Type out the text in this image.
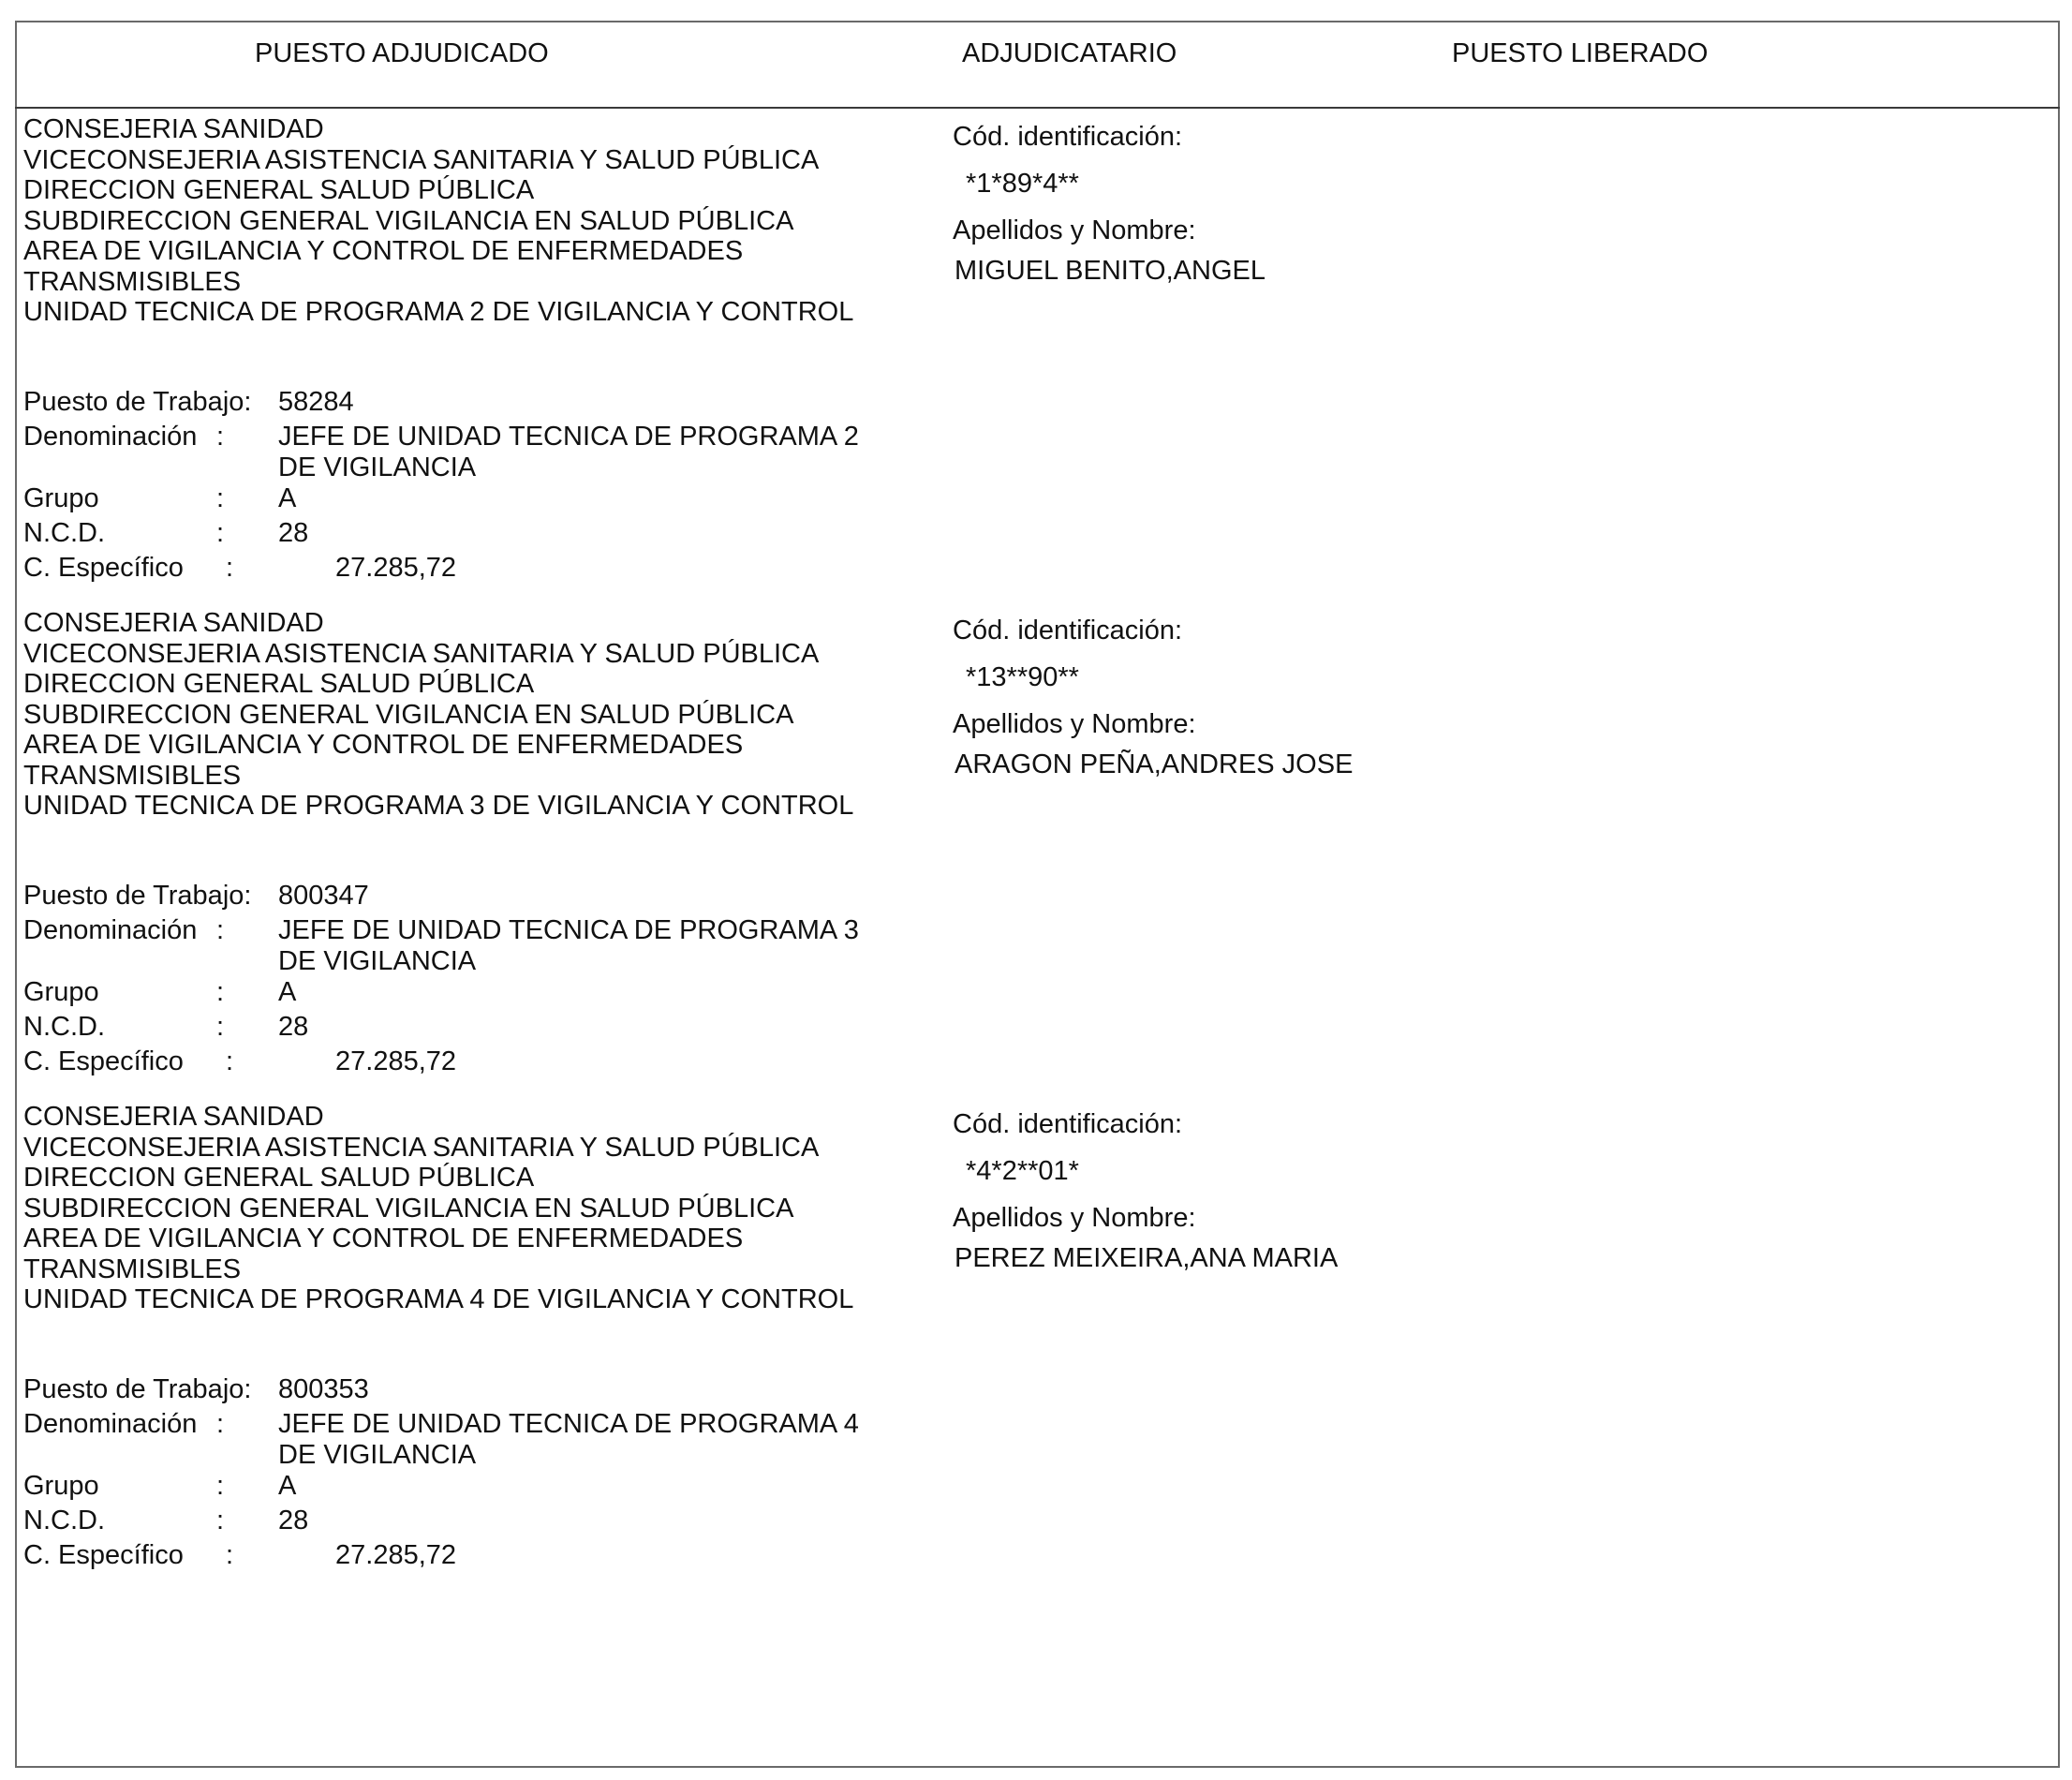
PUESTO ADJUDICADO	ADJUDICATARIO	PUESTO LIBERADO
CONSEJERIA SANIDAD
VICECONSEJERIA ASISTENCIA SANITARIA Y SALUD PÚBLICA
DIRECCION GENERAL SALUD PÚBLICA
SUBDIRECCION GENERAL VIGILANCIA EN SALUD PÚBLICA
AREA DE VIGILANCIA Y CONTROL DE ENFERMEDADES
TRANSMISIBLES
UNIDAD TECNICA DE PROGRAMA 2 DE VIGILANCIA Y CONTROL
Puesto de Trabajo: 58284
Denominación : JEFE DE UNIDAD TECNICA DE PROGRAMA 2
DE VIGILANCIA
Grupo	: A
N.C.D.	: 28
C. Específico :	27.285,72
Cód. identificación:
*1*89*4**
Apellidos y Nombre:
MIGUEL BENITO,ANGEL
CONSEJERIA SANIDAD
VICECONSEJERIA ASISTENCIA SANITARIA Y SALUD PÚBLICA
DIRECCION GENERAL SALUD PÚBLICA
SUBDIRECCION GENERAL VIGILANCIA EN SALUD PÚBLICA
AREA DE VIGILANCIA Y CONTROL DE ENFERMEDADES
TRANSMISIBLES
UNIDAD TECNICA DE PROGRAMA 3 DE VIGILANCIA Y CONTROL
Puesto de Trabajo: 800347
Denominación : JEFE DE UNIDAD TECNICA DE PROGRAMA 3
DE VIGILANCIA
Grupo	: A
N.C.D.	: 28
C. Específico :	27.285,72
Cód. identificación:
*13**90**
Apellidos y Nombre:
ARAGON PEÑA,ANDRES JOSE
CONSEJERIA SANIDAD
VICECONSEJERIA ASISTENCIA SANITARIA Y SALUD PÚBLICA
DIRECCION GENERAL SALUD PÚBLICA
SUBDIRECCION GENERAL VIGILANCIA EN SALUD PÚBLICA
AREA DE VIGILANCIA Y CONTROL DE ENFERMEDADES
TRANSMISIBLES
UNIDAD TECNICA DE PROGRAMA 4 DE VIGILANCIA Y CONTROL
Puesto de Trabajo: 800353
Denominación : JEFE DE UNIDAD TECNICA DE PROGRAMA 4
DE VIGILANCIA
Grupo	: A
N.C.D.	: 28
C. Específico :	27.285,72
Cód. identificación:
*4*2**01*
Apellidos y Nombre:
PEREZ MEIXEIRA,ANA MARIA
